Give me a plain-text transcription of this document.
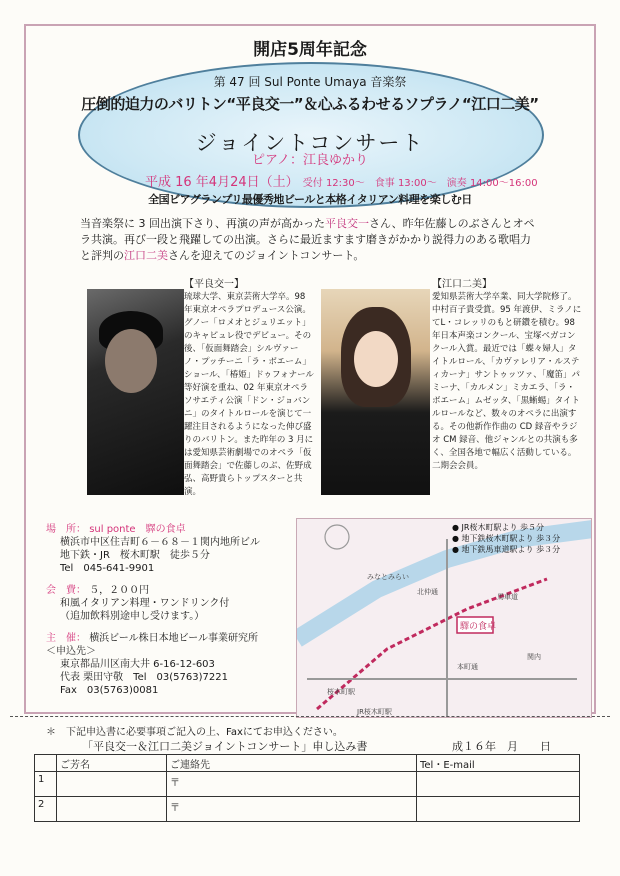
開店5周年記念
第 47 回 Sul Ponte Umaya 音楽祭
圧倒的迫力のバリトン“平良交一”＆心ふるわせるソプラノ“江口二美”
ジョイントコンサート
ピアノ：江良ゆかり
平成 16 年4月24日（土） 受付 12:30～　食事 13:00～　演奏 14:00～16:00
全国ビアグランプリ最優秀地ビールと本格イタリアン料理を楽しむ日
当音楽祭に 3 回出演下さり、再演の声が高かった平良交一さん、昨年佐藤しのぶさんとオペラ共演。再び一段と飛躍しての出演。さらに最近ますます磨きがかかり説得力のある歌唱力と評判の江口二美さんを迎えてのジョイントコンサート。
【平良交一】
琉球大学、東京芸術大学卒。98 年東京オペラプロデュース公演。グノー「ロメオとジュリエット」のキャピュレ役でデビュー。その後、「仮面舞踏会」シルヴァーノ・プッチーニ「ラ・ボエーム」ショール、「椿姫」ドゥフォナール等好演を重ね、02 年東京オペラソサエティ公演「ドン・ジョバンニ」のタイトルロールを演じて一躍注目されるようになった伸び盛りのバリトン。また昨年の 3 月には愛知県芸術劇場でのオペラ「仮面舞踏会」で佐藤しのぶ、佐野成弘、高野貴らトップスターと共演。
【江口二美】
愛知県芸術大学卒業、同大学院修了。中村百子貴受賞。95 年渡伊、ミラノにてL・コレッリのもと研鑽を積む。98 年日本声楽コンクール、宝塚ベガコンクール入賞。最近では「蝶々婦人」タイトルロール、「カヴァレリア・ルスティカーナ」サントゥッツァ、「魔笛」パミーナ、「カルメン」ミカエラ、「ラ・ボエーム」ムゼッタ、「黒蜥蜴」タイトルロールなど、数々のオペラに出演する。その他新作作曲の CD 録音やラジオ CM 録音、他ジャンルとの共演も多く、全国各地で幅広く活動している。二期会会員。
場　所： sul ponte　驛の食卓
横浜市中区住吉町６－６８－１関内地所ビル
地下鉄・JR　桜木町駅　徒歩５分
Tel　045-641-9901
会　費： ５，２００円
和風イタリアン料理・ワンドリンク付
（追加飲料別途申し受けます。）
主　催： 横浜ビール株日本地ビール事業研究所
＜申込先＞
東京都品川区南大井 6-16-12-603
代表 栗田守敬　Tel　03(5763)7221
Fax　03(5763)0081
驛の食卓
みなとみらい
馬車道
関内
桜木町駅
北仲通
本町通
JR桜木町駅
● JR桜木町駅より 歩５分
● 地下鉄桜木町駅より 歩３分
● 地下鉄馬車道駅より 歩３分
＊　下記申込書に必要事項ご記入の上、Faxにてお申込ください。
「平良交一＆江口二美ジョイントコンサート」申し込み書	成１６年　月　　日
	ご芳名	ご連絡先	Tel・E-mail
1		〒	
2		〒	
